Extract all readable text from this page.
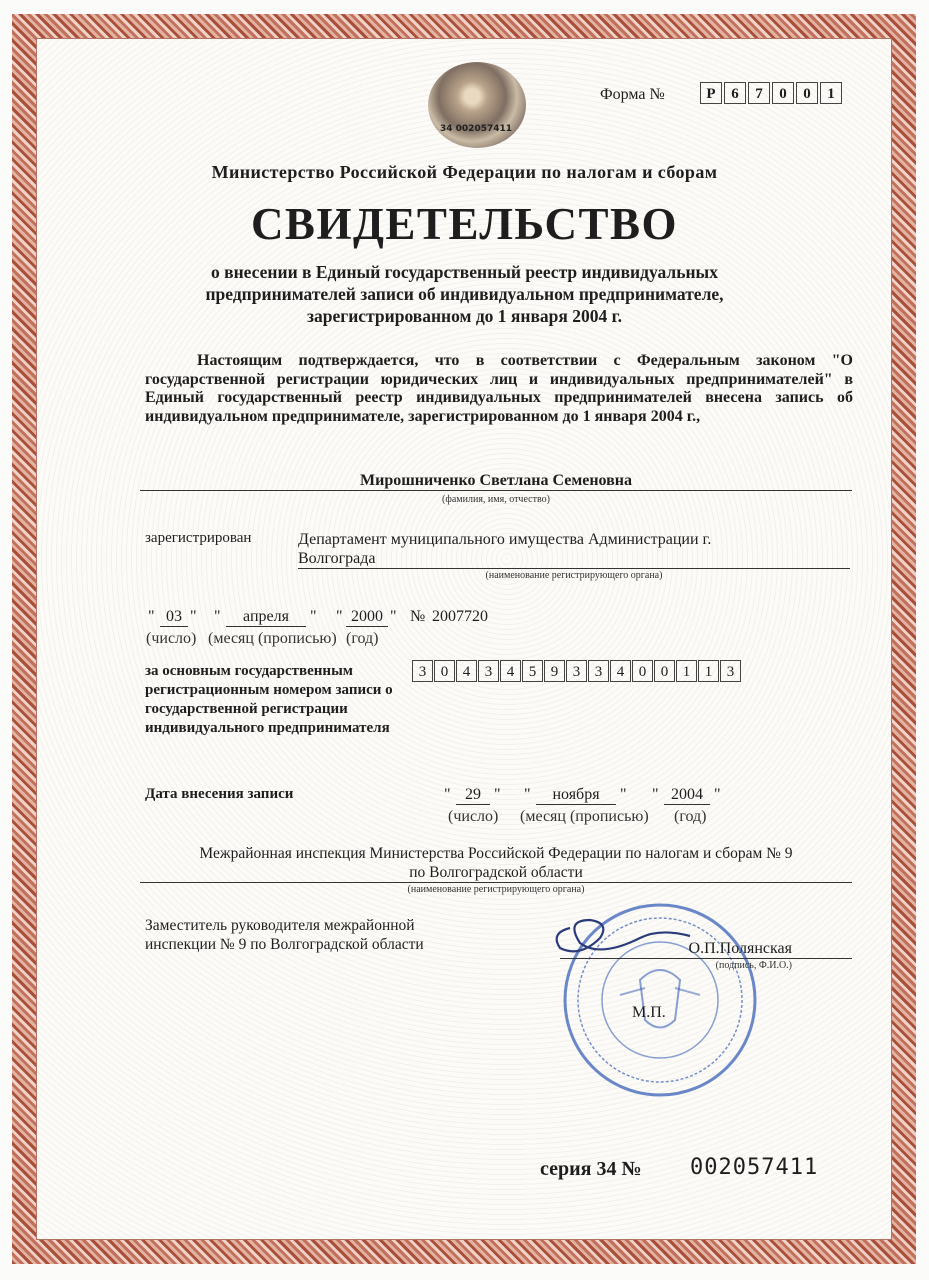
34 002057411
Форма №	Р	6	7	0	0	1
Министерство Российской Федерации по налогам и сборам
СВИДЕТЕЛЬСТВО
о внесении в Единый государственный реестр индивидуальных
предпринимателей записи об индивидуальном предпринимателе,
зарегистрированном до 1 января 2004 г.
Настоящим подтверждается, что в соответствии с Федеральным законом "О государственной регистрации юридических лиц и индивидуальных предпринимателей" в Единый государственный реестр индивидуальных предпринимателей внесена запись об индивидуальном предпринимателе, зарегистрированном до 1 января 2004 г.,
Мирошниченко Светлана Семеновна
(фамилия, имя, отчество)
зарегистрирован	Департамент муниципального имущества Администрации г.
Волгограда
(наименование регистрирующего органа)
" 03 " "	апреля	" " 2000 " № 2007720
(число) (месяц (прописью) (год)
за основным государственным регистрационным номером записи о государственной регистрации индивидуального предпринимателя
3 0 4 3 4 5 9 3 3 4 0 0 1 1 3
Дата внесения записи	" 29 " "	ноября	" " 2004 "
(число) (месяц (прописью) (год)
Межрайонная инспекция Министерства Российской Федерации по налогам и сборам № 9
по Волгоградской области
(наименование регистрирующего органа)
Заместитель руководителя межрайонной
инспекции № 9 по Волгоградской области	О.П.Полянская
(подпись, Ф.И.О.)
М.П.
серия 34 № 002057411
